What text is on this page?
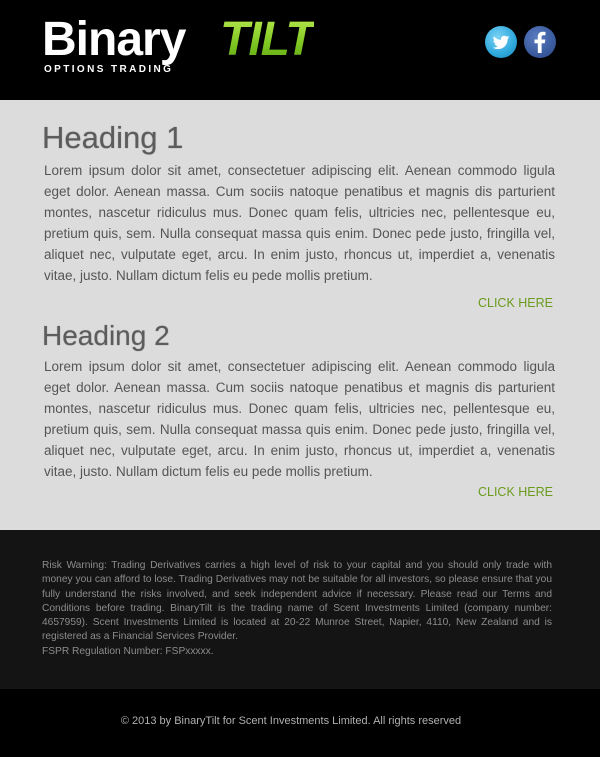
Binary TILT
OPTIONS TRADING
Heading 1

Lorem ipsum dolor sit amet, consectetuer adipiscing elit. Aenean commodo ligula eget dolor. Aenean massa. Cum sociis natoque penatibus et magnis dis parturient montes, nascetur ridiculus mus. Donec quam felis, ultricies nec, pellentesque eu, pretium quis, sem. Nulla consequat massa quis enim. Donec pede justo, fringilla vel, aliquet nec, vulputate eget, arcu. In enim justo, rhoncus ut, imperdiet a, venenatis vitae, justo. Nullam dictum felis eu pede mollis pretium.

CLICK HERE
Heading 2

Lorem ipsum dolor sit amet, consectetuer adipiscing elit. Aenean commodo ligula eget dolor. Aenean massa. Cum sociis natoque penatibus et magnis dis parturient montes, nascetur ridiculus mus. Donec quam felis, ultricies nec, pellentesque eu, pretium quis, sem. Nulla consequat massa quis enim. Donec pede justo, fringilla vel, aliquet nec, vulputate eget, arcu. In enim justo, rhoncus ut, imperdiet a, venenatis vitae, justo. Nullam dictum felis eu pede mollis pretium.

CLICK HERE

Risk Warning: Trading Derivatives carries a high level of risk to your capital and you should only trade with money you can afford to lose. Trading Derivatives may not be suitable for all investors, so please ensure that you fully understand the risks involved, and seek independent advice if necessary. Please read our Terms and Conditions before trading. BinaryTilt is the trading name of Scent Investments Limited (company number: 4657959). Scent Investments Limited is located at 20-22 Munroe Street, Napier, 4110, New Zealand and is registered as a Financial Services Provider.
FSPR Regulation Number: FSPxxxxx.

© 2013 by BinaryTilt for Scent Investments Limited. All rights reserved
